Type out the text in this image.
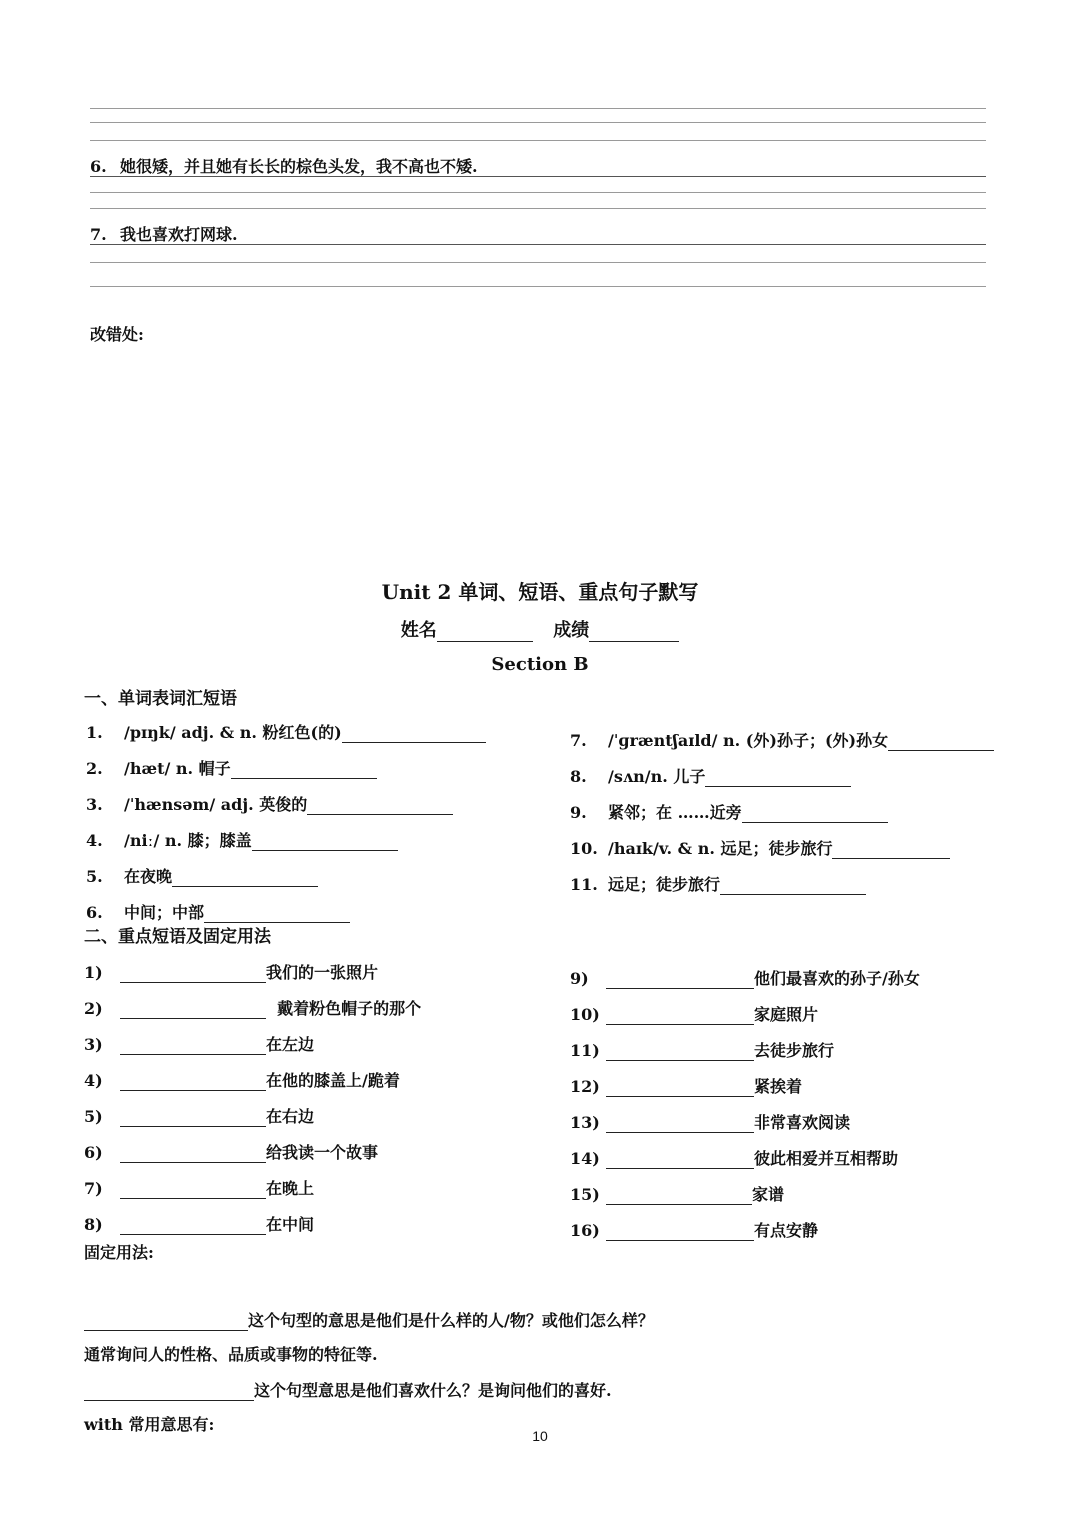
6. 她很矮，并且她有长长的棕色头发，我不高也不矮.
7. 我也喜欢打网球.
改错处:
Unit 2 单词、短语、重点句子默写
姓名	成绩
Section B
一、单词表词汇短语
1. /pɪŋk/ adj. & n. 粉红色(的)
2. /hæt/ n. 帽子
3. /ˈhænsəm/ adj. 英俊的
4. /niː/ n. 膝；膝盖
5. 在夜晚
6. 中间；中部
7. /ˈɡræntʃaɪld/ n. (外)孙子；(外)孙女
8. /sʌn/n. 儿子
9. 紧邻；在 ……近旁
10. /haɪk/v. & n. 远足；徒步旅行
11. 远足；徒步旅行
二、重点短语及固定用法
1)	我们的一张照片
2)	戴着粉色帽子的那个
3)	在左边
4)	在他的膝盖上/跪着
5)	在右边
6)	给我读一个故事
7)	在晚上
8)	在中间
9)	他们最喜欢的孙子/孙女
10)	家庭照片
11)	去徒步旅行
12)	紧挨着
13)	非常喜欢阅读
14)	彼此相爱并互相帮助
15)	家谱
16)	有点安静
固定用法:
这个句型的意思是他们是什么样的人/物？或他们怎么样？
通常询问人的性格、品质或事物的特征等.
这个句型意思是他们喜欢什么？是询问他们的喜好.
with 常用意思有:
10
